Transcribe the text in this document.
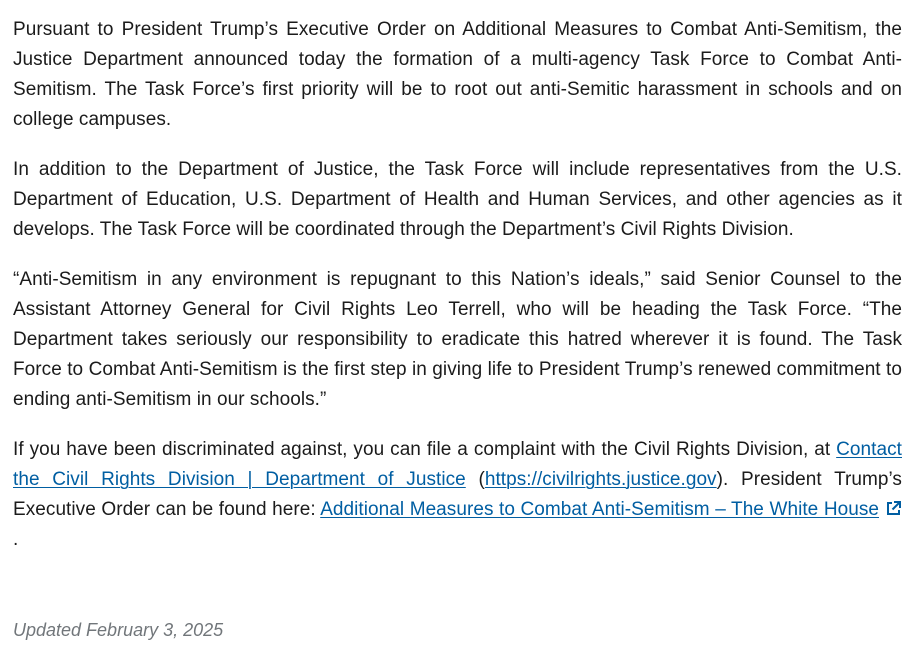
Pursuant to President Trump’s Executive Order on Additional Measures to Combat Anti-Semitism, the Justice Department announced today the formation of a multi-agency Task Force to Combat Anti-Semitism. The Task Force’s first priority will be to root out anti-Semitic harassment in schools and on college campuses.

In addition to the Department of Justice, the Task Force will include representatives from the U.S. Department of Education, U.S. Department of Health and Human Services, and other agencies as it develops. The Task Force will be coordinated through the Department’s Civil Rights Division.

“Anti-Semitism in any environment is repugnant to this Nation’s ideals,” said Senior Counsel to the Assistant Attorney General for Civil Rights Leo Terrell, who will be heading the Task Force. “The Department takes seriously our responsibility to eradicate this hatred wherever it is found. The Task Force to Combat Anti-Semitism is the first step in giving life to President Trump’s renewed commitment to ending anti-Semitism in our schools.”

If you have been discriminated against, you can file a complaint with the Civil Rights Division, at Contact the Civil Rights Division | Department of Justice (https://civilrights.justice.gov). President Trump’s Executive Order can be found here: Additional Measures to Combat Anti-Semitism – The White House .

Updated February 3, 2025
